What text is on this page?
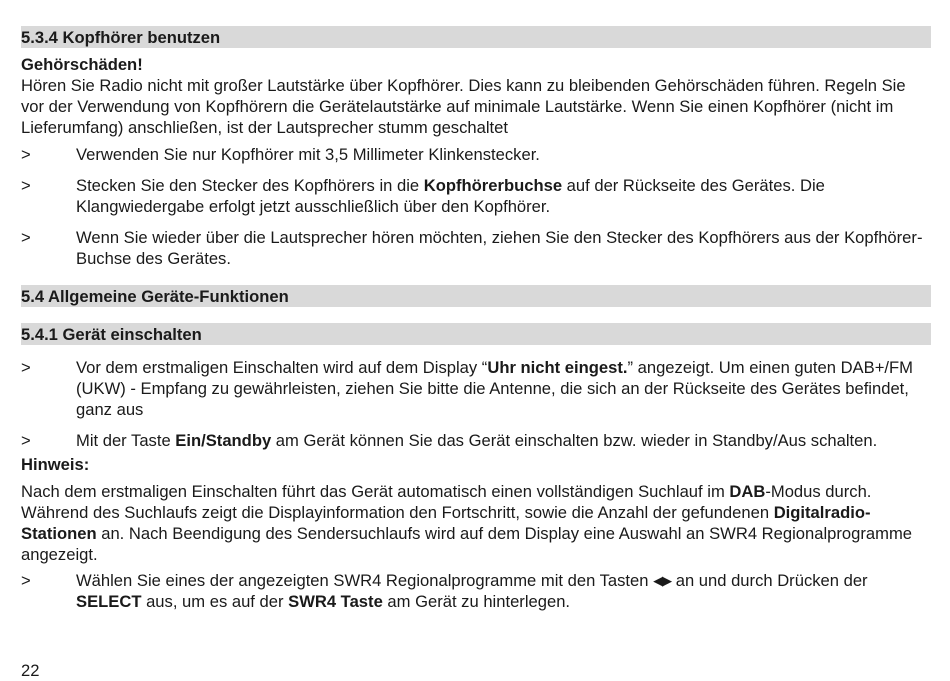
5.3.4 Kopfhörer benutzen

Gehörschäden!

Hören Sie Radio nicht mit großer Lautstärke über Kopfhörer. Dies kann zu bleibenden Gehörschäden führen. Regeln Sie vor der Verwendung von Kopfhörern die Gerätelautstärke auf minimale Lautstärke. Wenn Sie einen Kopfhörer (nicht im Lieferumfang) anschließen, ist der Lautsprecher stumm geschaltet

>	Verwenden Sie nur Kopfhörer mit 3,5 Millimeter Klinkenstecker.
>	Stecken Sie den Stecker des Kopfhörers in die Kopfhörerbuchse auf der Rückseite des Gerätes. Die Klangwiedergabe erfolgt jetzt ausschließlich über den Kopfhörer.
>	Wenn Sie wieder über die Lautsprecher hören möchten, ziehen Sie den Stecker des Kopfhörers aus der Kopfhörer-Buchse des Gerätes.
5.4 Allgemeine Geräte-Funktionen
5.4.1 Gerät einschalten
>	Vor dem erstmaligen Einschalten wird auf dem Display “Uhr nicht eingest.” angezeigt. Um einen guten DAB+/FM (UKW) - Empfang zu gewährleisten, ziehen Sie bitte die Antenne, die sich an der Rückseite des Gerätes befindet, ganz aus
>	Mit der Taste Ein/Standby am Gerät können Sie das Gerät einschalten bzw. wieder in Standby/Aus schalten.

Hinweis:

Nach dem erstmaligen Einschalten führt das Gerät automatisch einen vollständigen Suchlauf im DAB-Modus durch. Während des Suchlaufs zeigt die Displayinformation den Fortschritt, sowie die Anzahl der gefundenen Digitalradio-Stationen an. Nach Beendigung des Sendersuchlaufs wird auf dem Display eine Auswahl an SWR4 Regionalprogramme angezeigt.

>	Wählen Sie eines der angezeigten SWR4 Regionalprogramme mit den Tasten ◀▶ an und durch Drücken der SELECT aus, um es auf der SWR4 Taste am Gerät zu hinterlegen.
22
